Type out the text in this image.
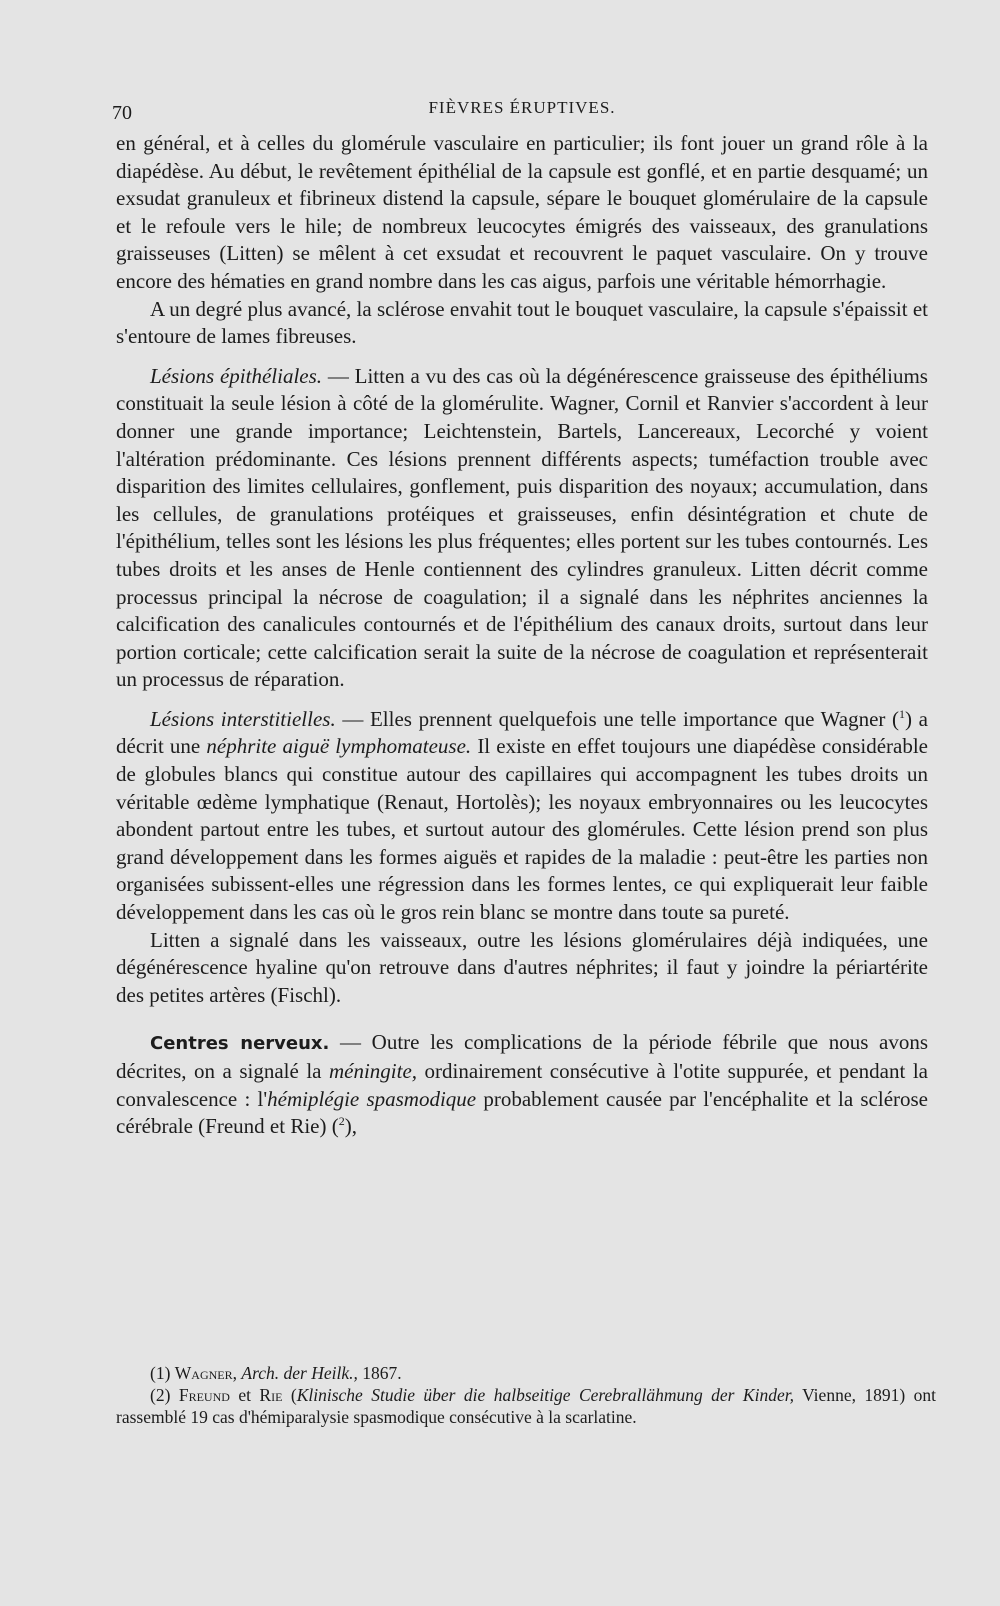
70	FIÈVRES ÉRUPTIVES.

en général, et à celles du glomérule vasculaire en particulier; ils font jouer un grand rôle à la diapédèse. Au début, le revêtement épithélial de la capsule est gonflé, et en partie desquamé; un exsudat granuleux et fibrineux distend la capsule, sépare le bouquet glomérulaire de la capsule et le refoule vers le hile; de nombreux leucocytes émigrés des vaisseaux, des granulations graisseuses (Litten) se mêlent à cet exsudat et recouvrent le paquet vasculaire. On y trouve encore des hématies en grand nombre dans les cas aigus, parfois une véritable hémorrhagie.

A un degré plus avancé, la sclérose envahit tout le bouquet vasculaire, la capsule s'épaissit et s'entoure de lames fibreuses.

Lésions épithéliales. — Litten a vu des cas où la dégénérescence graisseuse des épithéliums constituait la seule lésion à côté de la glomérulite. Wagner, Cornil et Ranvier s'accordent à leur donner une grande importance; Leichtenstein, Bartels, Lancereaux, Lecorché y voient l'altération prédominante. Ces lésions prennent différents aspects; tuméfaction trouble avec disparition des limites cellulaires, gonflement, puis disparition des noyaux; accumulation, dans les cellules, de granulations protéiques et graisseuses, enfin désintégration et chute de l'épithélium, telles sont les lésions les plus fréquentes; elles portent sur les tubes contournés. Les tubes droits et les anses de Henle contiennent des cylindres granuleux. Litten décrit comme processus principal la nécrose de coagulation; il a signalé dans les néphrites anciennes la calcification des canalicules contournés et de l'épithélium des canaux droits, surtout dans leur portion corticale; cette calcification serait la suite de la nécrose de coagulation et représenterait un processus de réparation.

Lésions interstitielles. — Elles prennent quelquefois une telle importance que Wagner ($^1$) a décrit une néphrite aiguë lymphomateuse. Il existe en effet toujours une diapédèse considérable de globules blancs qui constitue autour des capillaires qui accompagnent les tubes droits un véritable œdème lymphatique (Renaut, Hortolès); les noyaux embryonnaires ou les leucocytes abondent partout entre les tubes, et surtout autour des glomérules. Cette lésion prend son plus grand développement dans les formes aiguës et rapides de la maladie : peut-être les parties non organisées subissent-elles une régression dans les formes lentes, ce qui expliquerait leur faible développement dans les cas où le gros rein blanc se montre dans toute sa pureté.

Litten a signalé dans les vaisseaux, outre les lésions glomérulaires déjà indiquées, une dégénérescence hyaline qu'on retrouve dans d'autres néphrites; il faut y joindre la périartérite des petites artères (Fischl).

Centres nerveux. — Outre les complications de la période fébrile que nous avons décrites, on a signalé la méningite, ordinairement consécutive à l'otite suppurée, et pendant la convalescence : l'hémiplégie spasmodique probablement causée par l'encéphalite et la sclérose cérébrale (Freund et Rie) ($^2$),

(1) Wagner, Arch. der Heilk., 1867.

(2) Freund et Rie (Klinische Studie über die halbseitige Cerebrallähmung der Kinder, Vienne, 1891) ont rassemblé 19 cas d'hémiparalysie spasmodique consécutive à la scarlatine.
